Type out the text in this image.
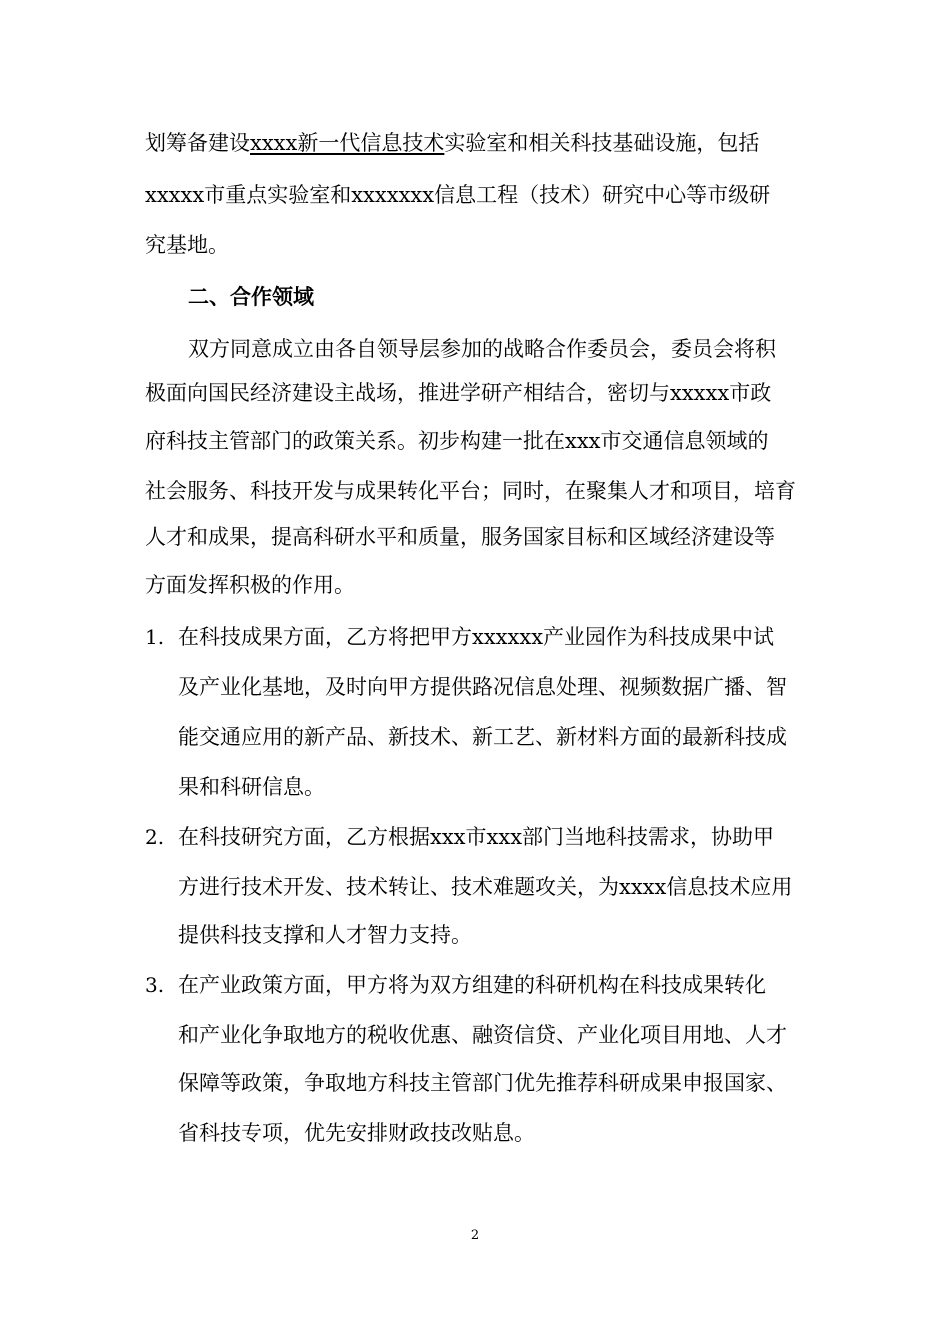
划筹备建设xxxx新一代信息技术实验室和相关科技基础设施，包括
xxxxx市重点实验室和xxxxxxx信息工程（技术）研究中心等市级研
究基地。
二、合作领域
双方同意成立由各自领导层参加的战略合作委员会，委员会将积
极面向国民经济建设主战场，推进学研产相结合，密切与xxxxx市政
府科技主管部门的政策关系。初步构建一批在xxx市交通信息领域的
社会服务、科技开发与成果转化平台；同时，在聚集人才和项目，培育
人才和成果，提高科研水平和质量，服务国家目标和区域经济建设等
方面发挥积极的作用。
1. 在科技成果方面，乙方将把甲方xxxxxx产业园作为科技成果中试
及产业化基地，及时向甲方提供路况信息处理、视频数据广播、智
能交通应用的新产品、新技术、新工艺、新材料方面的最新科技成
果和科研信息。
2. 在科技研究方面，乙方根据xxx市xxx部门当地科技需求，协助甲
方进行技术开发、技术转让、技术难题攻关，为xxxx信息技术应用
提供科技支撑和人才智力支持。
3. 在产业政策方面，甲方将为双方组建的科研机构在科技成果转化
和产业化争取地方的税收优惠、融资信贷、产业化项目用地、人才
保障等政策，争取地方科技主管部门优先推荐科研成果申报国家、
省科技专项，优先安排财政技改贴息。
2
